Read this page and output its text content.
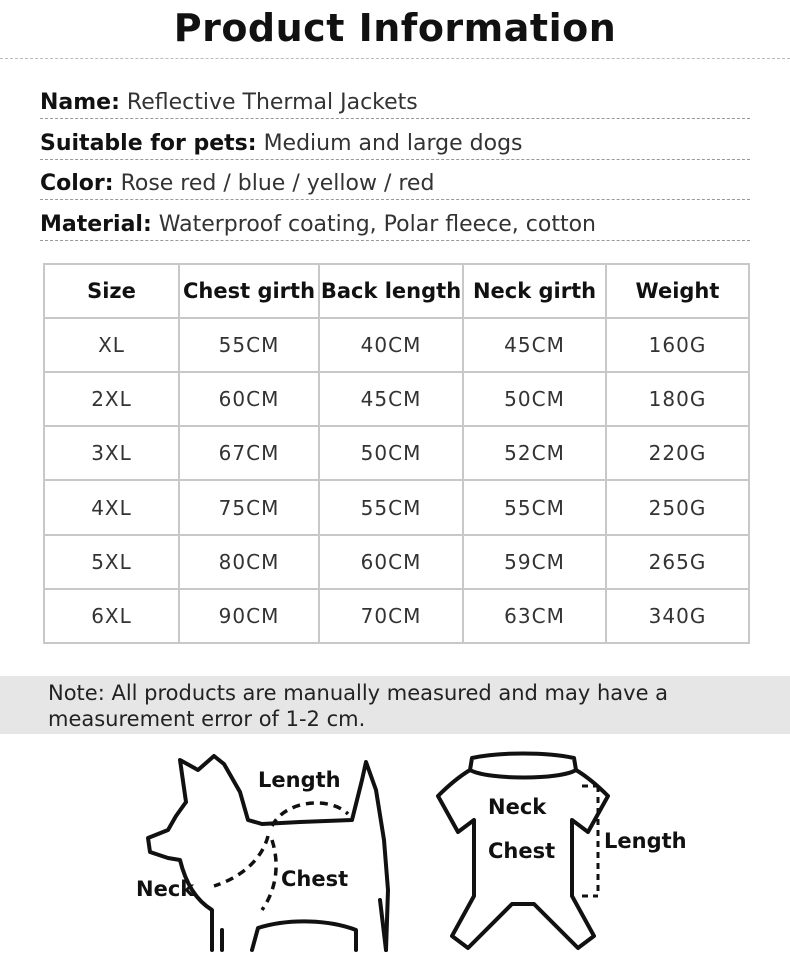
Product Information
Name: Reflective Thermal Jackets
Suitable for pets: Medium and large dogs
Color: Rose red / blue / yellow / red
Material: Waterproof coating, Polar fleece, cotton
Size	Chest girth	Back length	Neck girth	Weight
XL	55CM	40CM	45CM	160G
2XL	60CM	45CM	50CM	180G
3XL	67CM	50CM	52CM	220G
4XL	75CM	55CM	55CM	250G
5XL	80CM	60CM	59CM	265G
6XL	90CM	70CM	63CM	340G

Note: All products are manually measured and may have a measurement error of 1-2 cm.

Length
Neck	Chest
Neck
Chest Length
